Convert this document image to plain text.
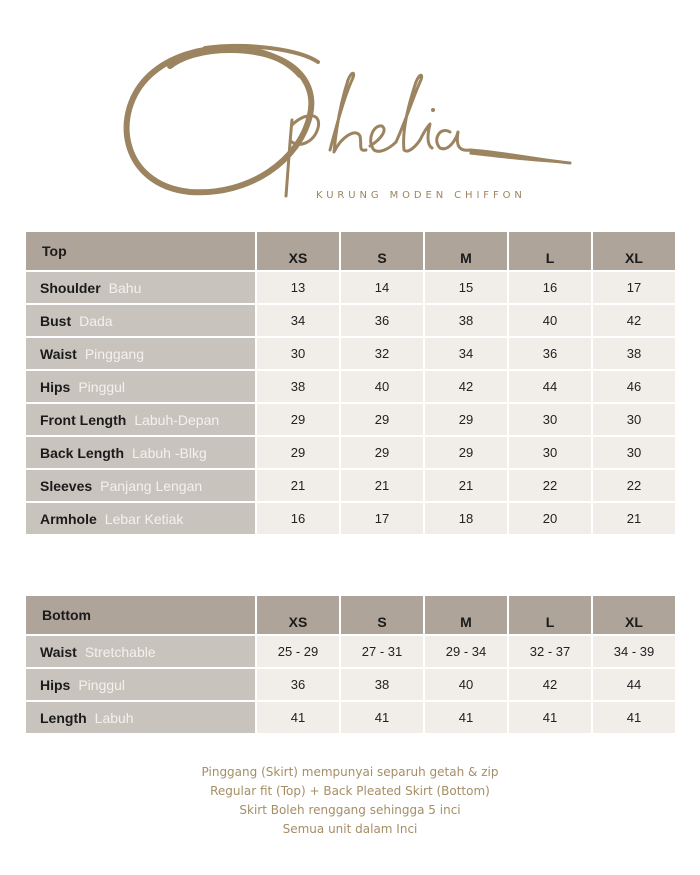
KURUNG MODEN CHIFFON
Top	XS	S	M	L	XL
Shoulder Bahu	13	14	15	16	17
Bust Dada	34	36	38	40	42
Waist Pinggang	30	32	34	36	38
Hips Pinggul	38	40	42	44	46
Front Length Labuh-Depan	29	29	29	30	30
Back Length Labuh -Blkg	29	29	29	30	30
Sleeves Panjang Lengan	21	21	21	22	22
Armhole Lebar Ketiak	16	17	18	20	21
Bottom	XS	S	M	L	XL
Waist Stretchable	25 - 29	27 - 31	29 - 34	32 - 37	34 - 39
Hips Pinggul	36	38	40	42	44
Length Labuh	41	41	41	41	41
Pinggang (Skirt) mempunyai separuh getah & zip
Regular fit (Top) + Back Pleated Skirt (Bottom)
Skirt Boleh renggang sehingga 5 inci
Semua unit dalam Inci
